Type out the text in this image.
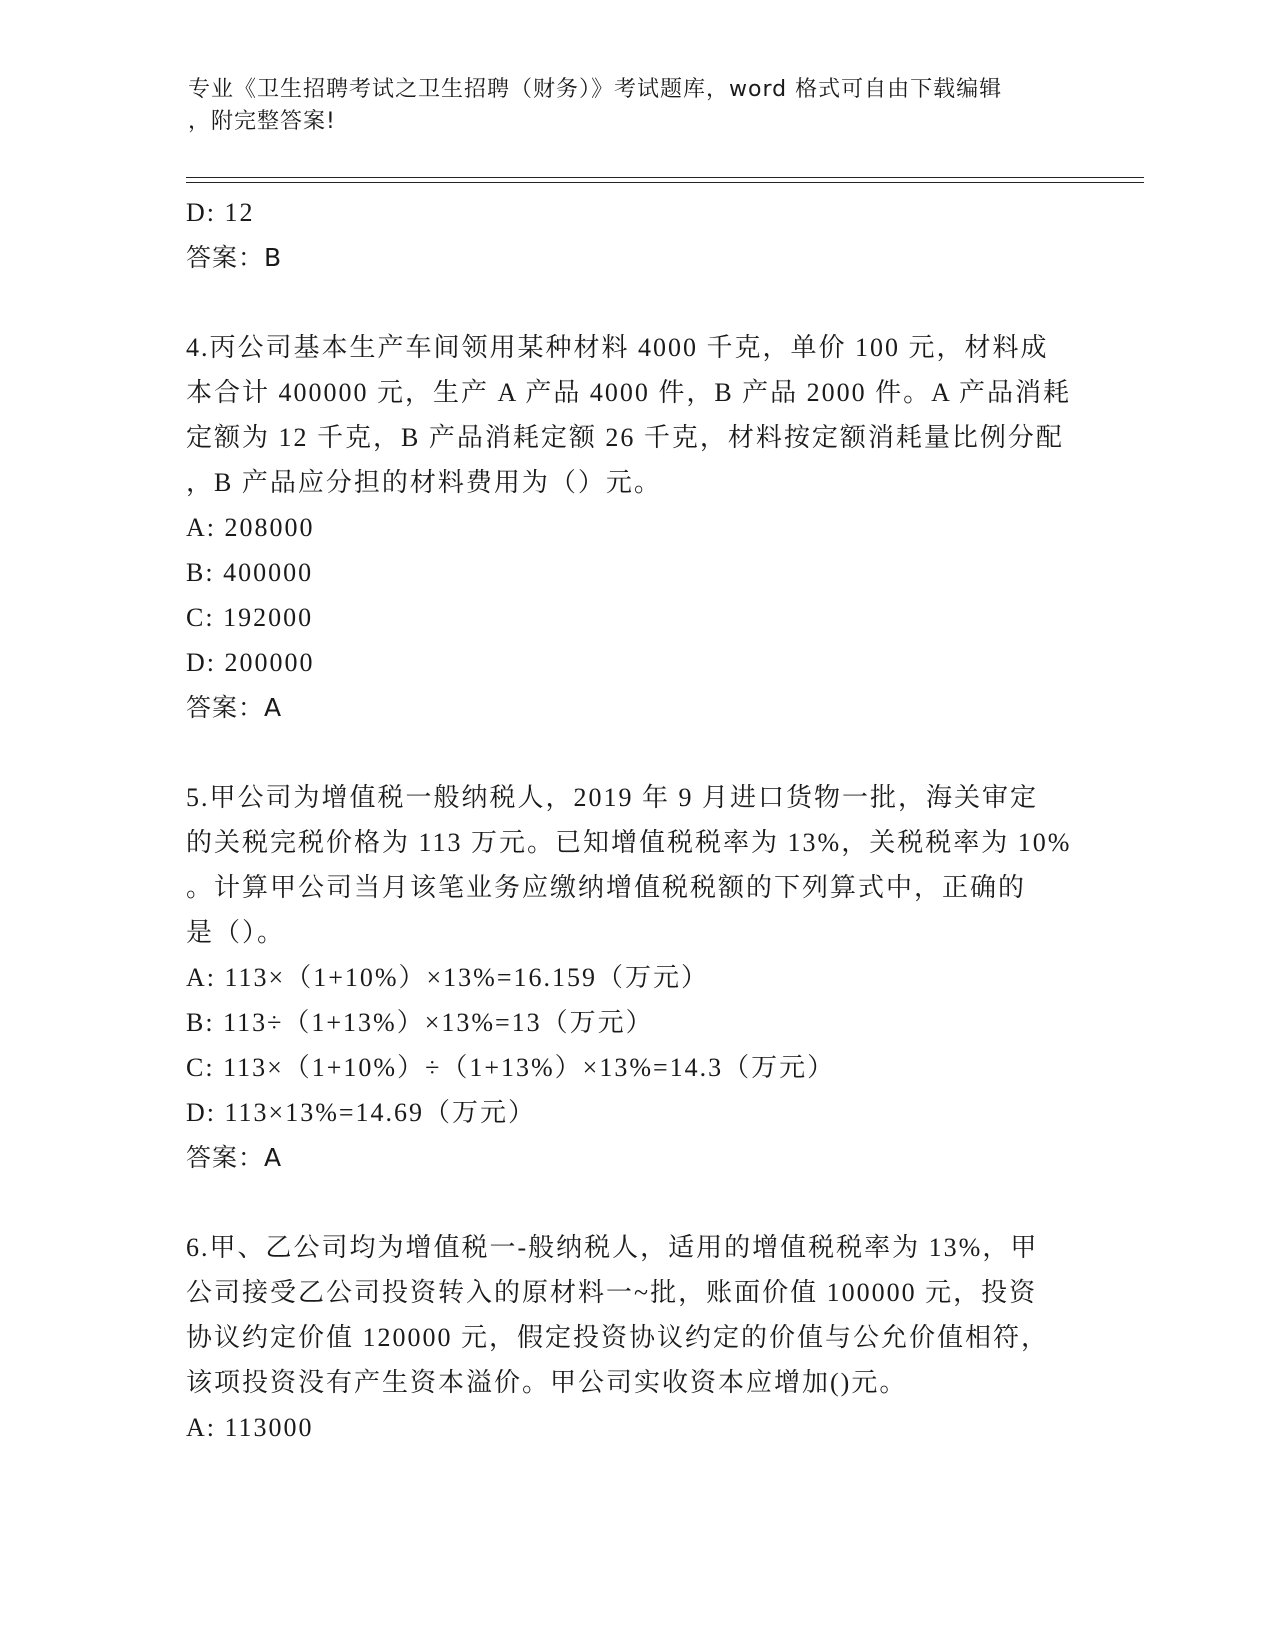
专业《卫生招聘考试之卫生招聘（财务）》考试题库，word 格式可自由下载编辑
，附完整答案!
D: 12
答案：B
4.丙公司基本生产车间领用某种材料 4000 千克，单价 100 元，材料成
本合计 400000 元，生产 A 产品 4000 件，B 产品 2000 件。A 产品消耗
定额为 12 千克，B 产品消耗定额 26 千克，材料按定额消耗量比例分配
，B 产品应分担的材料费用为（）元。
A: 208000
B: 400000
C: 192000
D: 200000
答案：A
5.甲公司为增值税一般纳税人，2019 年 9 月进口货物一批，海关审定
的关税完税价格为 113 万元。已知增值税税率为 13%，关税税率为 10%
。计算甲公司当月该笔业务应缴纳增值税税额的下列算式中，正确的
是（）。
A: 113×（1+10%）×13%=16.159（万元）
B: 113÷（1+13%）×13%=13（万元）
C: 113×（1+10%）÷（1+13%）×13%=14.3（万元）
D: 113×13%=14.69（万元）
答案：A
6.甲、乙公司均为增值税一-般纳税人，适用的增值税税率为 13%，甲
公司接受乙公司投资转入的原材料一~批，账面价值 100000 元，投资
协议约定价值 120000 元，假定投资协议约定的价值与公允价值相符，
该项投资没有产生资本溢价。甲公司实收资本应增加()元。
A: 113000
